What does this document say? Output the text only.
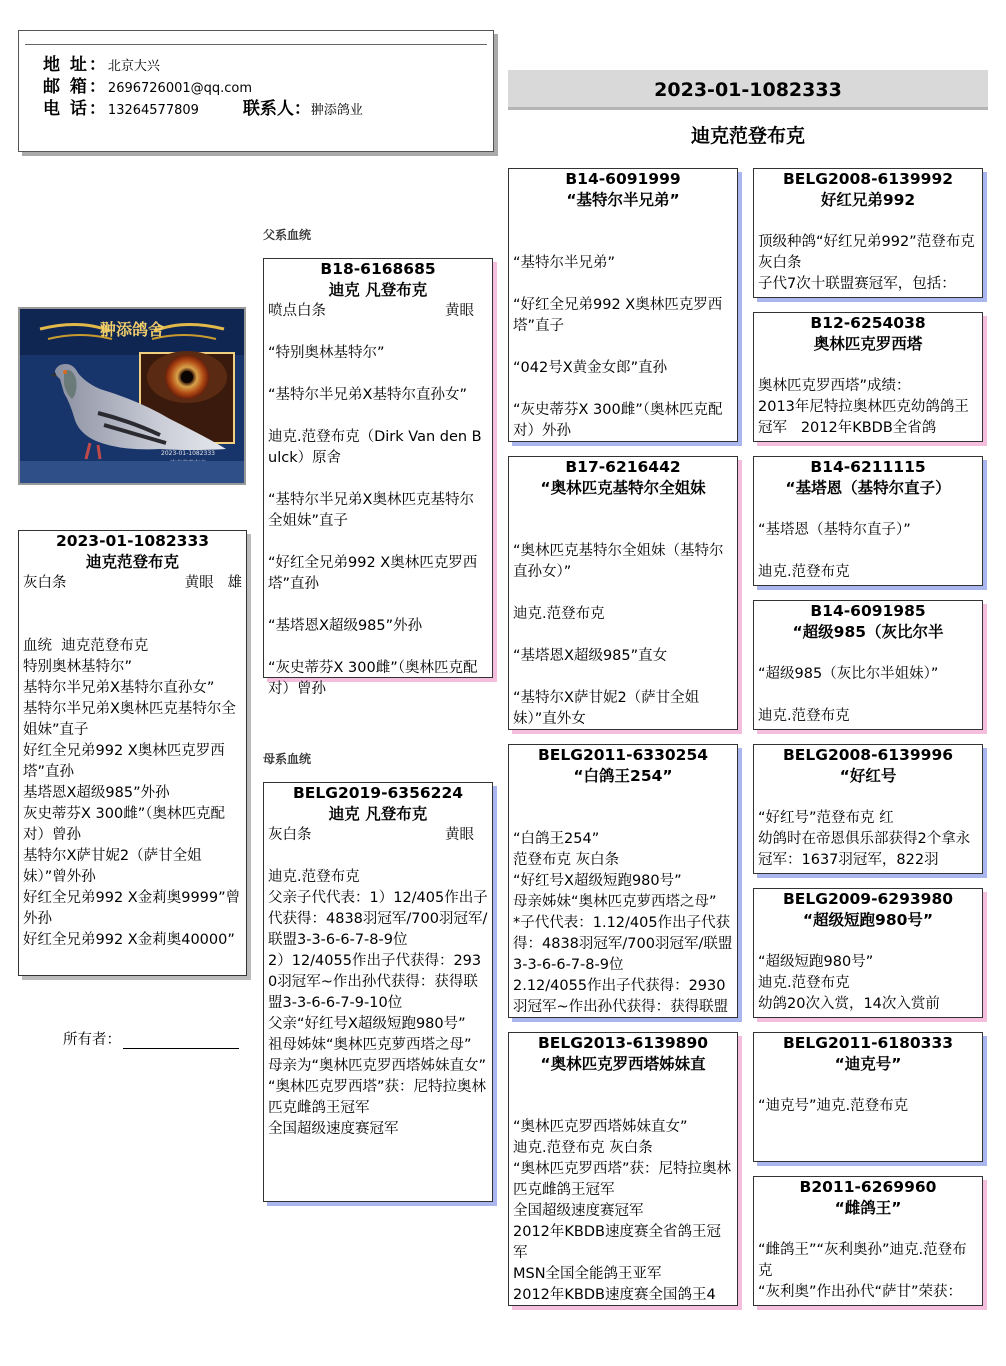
地 址：北京大兴
邮 箱：2696726001@qq.com
电 话：13264577809	联系人：翀添鸽业
2023-01-1082333
迪克范登布克
父系血统
母系血统
翀添鸽舍
2023-01-1082333
2023-01-1082333
迪克范登布克
灰白条	黄眼 雄
血统  迪克范登布克
特别奥林基特尔”
基特尔半兄弟X基特尔直孙女”
基特尔半兄弟X奥林匹克基特尔全姐妹”直子
好红全兄弟992 X奥林匹克罗西塔”直孙
基塔恩X超级985”外孙
灰史蒂芬X 300雌”（奥林匹克配对）曾孙
基特尔X萨甘妮2（萨甘全姐妹）”曾外孙
好红全兄弟992 X金莉奥9999”曾外孙
好红全兄弟992 X金莉奥40000”
所有者：
B18-6168685
迪克 凡登布克
喷点白条	黄眼
“特别奥林基特尔”

“基特尔半兄弟X基特尔直孙女”

迪克.范登布克（Dirk Van den Bulck）原舍

“基特尔半兄弟X奥林匹克基特尔全姐妹”直子

“好红全兄弟992 X奥林匹克罗西塔”直孙

“基塔恩X超级985”外孙

“灰史蒂芬X 300雌”（奥林匹克配对）曾孙
BELG2019-6356224
迪克 凡登布克
灰白条	黄眼
迪克.范登布克
父亲子代代表：1）12/405作出子代获得：4838羽冠军/700羽冠军/联盟3-3-6-6-7-8-9位
2）12/4055作出子代获得：2930羽冠军~作出孙代获得：获得联盟3-3-6-6-7-9-10位
父亲“好红号X超级短跑980号”
祖母姊妹“奥林匹克萝西塔之母”
母亲为“奥林匹克罗西塔姊妹直女”
“奥林匹克罗西塔”获：尼特拉奥林匹克雌鸽王冠军
全国超级速度赛冠军
B14-6091999
“基特尔半兄弟”

“基特尔半兄弟”

“好红全兄弟992 X奥林匹克罗西塔”直子

“042号X黄金女郎”直孙

“灰史蒂芬X 300雌”（奥林匹克配对）外孙
B17-6216442
“奥林匹克基特尔全姐妹

“奥林匹克基特尔全姐妹（基特尔直孙女）”

迪克.范登布克

“基塔恩X超级985”直女

“基特尔X萨甘妮2（萨甘全姐妹）”直外女
BELG2011-6330254
“白鸽王254”

“白鸽王254”
范登布克 灰白条
“好红号X超级短跑980号”
母亲姊妹“奥林匹克萝西塔之母”
*子代代表：1.12/405作出子代获得：4838羽冠军/700羽冠军/联盟3-3-6-6-7-8-9位
2.12/4055作出子代获得：2930羽冠军~作出孙代获得：获得联盟
BELG2013-6139890
“奥林匹克罗西塔姊妹直

“奥林匹克罗西塔姊妹直女”
迪克.范登布克 灰白条
“奥林匹克罗西塔”获：尼特拉奥林匹克雌鸽王冠军
全国超级速度赛冠军
2012年KBDB速度赛全省鸽王冠军
MSN全国全能鸽王亚军
2012年KBDB速度赛全国鸽王4
BELG2008-6139992
好红兄弟992

顶级种鸽“好红兄弟992”范登布克 灰白条
子代7次十联盟赛冠军，包括：
B12-6254038
奥林匹克罗西塔

奥林匹克罗西塔”成绩：
2013年尼特拉奥林匹克幼鸽鸽王冠军   2012年KBDB全省鸽
B14-6211115
“基塔恩（基特尔直子）

“基塔恩（基特尔直子）”

迪克.范登布克
B14-6091985
“超级985（灰比尔半

“超级985（灰比尔半姐妹）”

迪克.范登布克
BELG2008-6139996
“好红号

“好红号”范登布克 红
幼鸽时在帝恩俱乐部获得2个拿永冠军：1637羽冠军，822羽
BELG2009-6293980
“超级短跑980号”

“超级短跑980号”
迪克.范登布克
幼鸽20次入赏，14次入赏前
BELG2011-6180333
“迪克号”

“迪克号”迪克.范登布克
B2011-6269960
“雌鸽王”

“雌鸽王”“灰利奥孙”迪克.范登布克
“灰利奥”作出孙代“萨甘”荣获：
